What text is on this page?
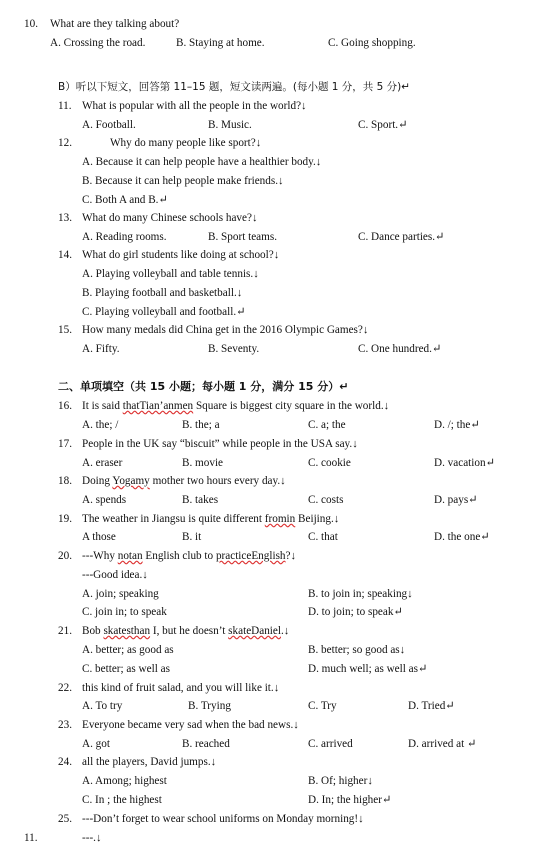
10. What are they talking about?
A. Crossing the road.	B. Staying at home.	C. Going shopping.
B）听以下短文，回答第 11–15 题，短文读两遍。(每小题 1 分，共 5 分)↵
11. What is popular with all the people in the world?↓
A. Football.	B. Music.	C. Sport.↵
12.	Why do many people like sport?↓
A. Because it can help people have a healthier body.↓
B. Because it can help people make friends.↓
C. Both A and B.↵
13. What do many Chinese schools have?↓
A. Reading rooms.	B. Sport teams.	C. Dance parties.↵
14. What do girl students like doing at school?↓
A. Playing volleyball and table tennis.↓
B. Playing football and basketball.↓
C. Playing volleyball and football.↵
15. How many medals did China get in the 2016 Olympic Games?↓
A. Fifty.	B. Seventy.	C. One hundred.↵
二、单项填空（共 15 小题；每小题 1 分，满分 15 分）↵
16. It is said thatTian’anmen Square is biggest city square in the world.↓
A. the; /	B. the; a	C. a; the	D. /; the↵
17. People in the UK say “biscuit” while people in the USA say.↓
A. eraser	B. movie	C. cookie	D. vacation↵
18. Doing Yogamy mother two hours every day.↓
A. spends	B. takes	C. costs	D. pays↵
19. The weather in Jiangsu is quite different fromin Beijing.↓
A those	B. it	C. that	D. the one↵
20. ---Why notan English club to practiceEnglish?↓
---Good idea.↓
A. join; speaking	B. to join in; speaking↓
C. join in; to speak	D. to join; to speak↵
21. Bob skatesthan I, but he doesn’t skateDaniel.↓
A. better; as good as	B. better; so good as↓
C. better; as well as	D. much well; as well as↵
22. this kind of fruit salad, and you will like it.↓
A. To try	B. Trying	C. Try	D. Tried↵
23. Everyone became very sad when the bad news.↓
A. got	B. reached	C. arrived	D. arrived at ↵
24. all the players, David jumps.↓
A. Among; highest	B. Of; higher↓
C. In ; the highest	D. In; the higher↵
25. ---Don’t forget to wear school uniforms on Monday morning!↓
11.	---.↓
